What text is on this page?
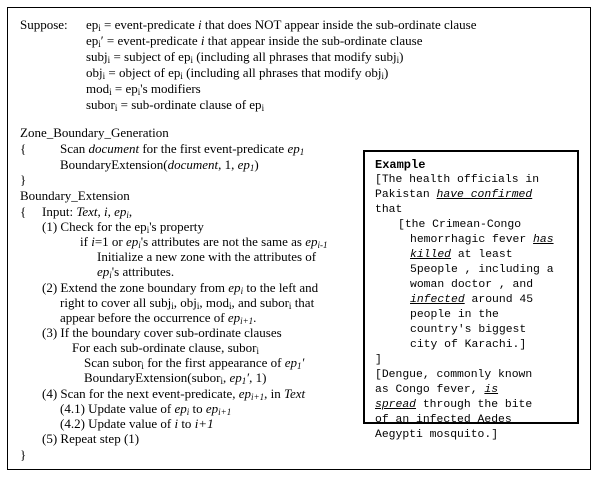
Suppose: $ep_i$ = event-predicate i that does NOT appear inside the sub-ordinate clause
$ep_i'$ = event-predicate i that appear inside the sub-ordinate clause
subj$_i$ = subject of $ep_i$ (including all phrases that modify subj$_i$)
obj$_i$ = object of $ep_i$ (including all phrases that modify obj$_i$)
$mod_i = ep_i's$ modifiers
subor$_i$ = sub-ordinate clause of $ep_i$
Zone_Boundary_Generation
{	Scan document for the first event-predicate $ep_1$
BoundaryExtension(document, 1, $ep_1$)
}
Boundary_Extension
{ Input: Text, i, $ep_i$,
(1) Check for the $ep_i's$ property
if i=1 or $ep_i's$ attributes are not the same as $ep_{i-1}$
Initialize a new zone with the attributes of
$ep_i's$ attributes.
(2) Extend the zone boundary from $ep_i$ to the left and
right to cover all subj$_i$, obj$_i$, mod$_i$, and subor$_i$ that
appear before the occurrence of $ep_{i+1}$.
(3) If the boundary cover sub-ordinate clauses
For each sub-ordinate clause, subor$_i$
Scan subor$_i$ for the first appearance of $ep_1'$
BoundaryExtension(subor$_i$, $ep_1'$, 1)
(4) Scan for the next event-predicate, $ep_{i+1}$, in Text
(4.1) Update value of $ep_i$ to $ep_{i+1}$
(4.2) Update value of i to i+1
(5) Repeat step (1)
}
Example
[The health officials in
Pakistan have confirmed
that
[the Crimean-Congo
hemorrhagic fever has
killed at least
5people , including a
woman doctor , and
infected around 45
people in the
country's biggest
city of Karachi.]
]
[Dengue, commonly known
as Congo fever, is
spread through the bite
of an infected Aedes
Aegypti mosquito.]
